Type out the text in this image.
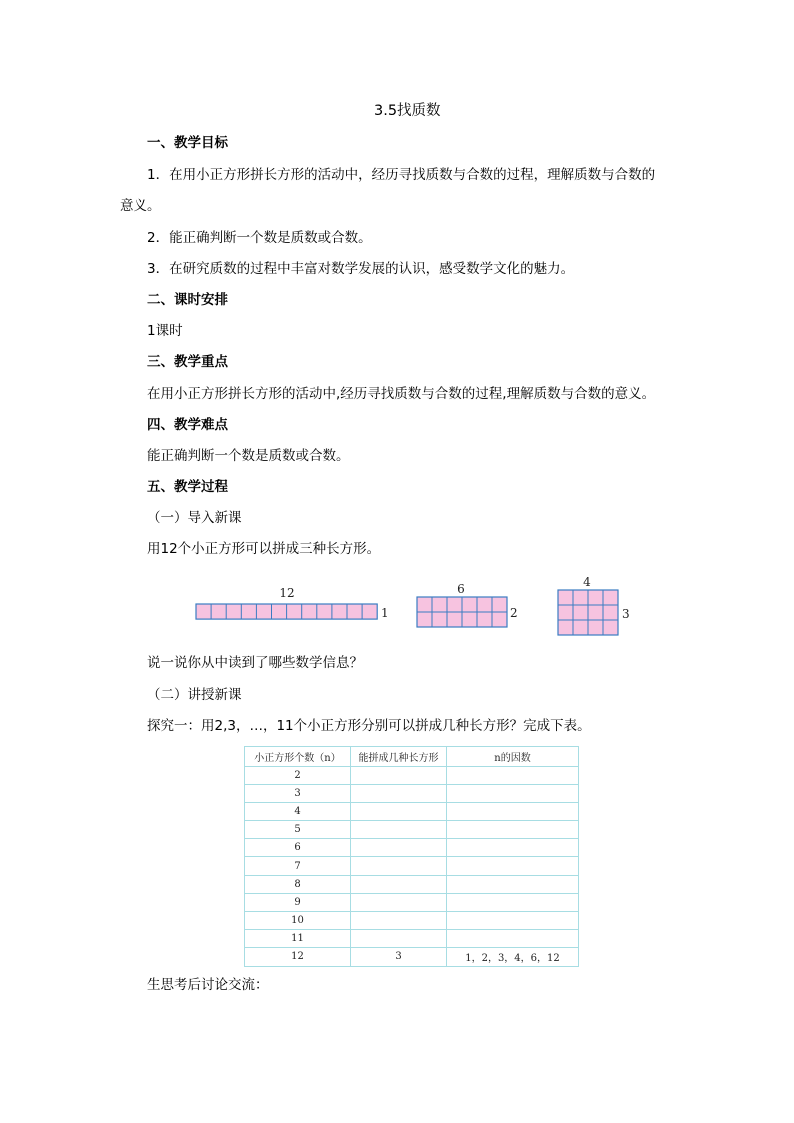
3.5找质数
一、教学目标
1．在用小正方形拼长方形的活动中，经历寻找质数与合数的过程，理解质数与合数的
意义。
2．能正确判断一个数是质数或合数。
3．在研究质数的过程中丰富对数学发展的认识，感受数学文化的魅力。
二、课时安排
1课时
三、教学重点
在用小正方形拼长方形的活动中,经历寻找质数与合数的过程,理解质数与合数的意义。
四、教学难点
能正确判断一个数是质数或合数。
五、教学过程
（一）导入新课
用12个小正方形可以拼成三种长方形。
12
1
6
2
4
3
说一说你从中读到了哪些数学信息？
（二）讲授新课
探究一：用2,3，…，11个小正方形分别可以拼成几种长方形？完成下表。
小正方形个数（n）	能拼成几种长方形	n的因数
2		
3		
4		
5		
6		
7		
8		
9		
10		
11		
12	3	1，2，3，4，6，12
生思考后讨论交流：
